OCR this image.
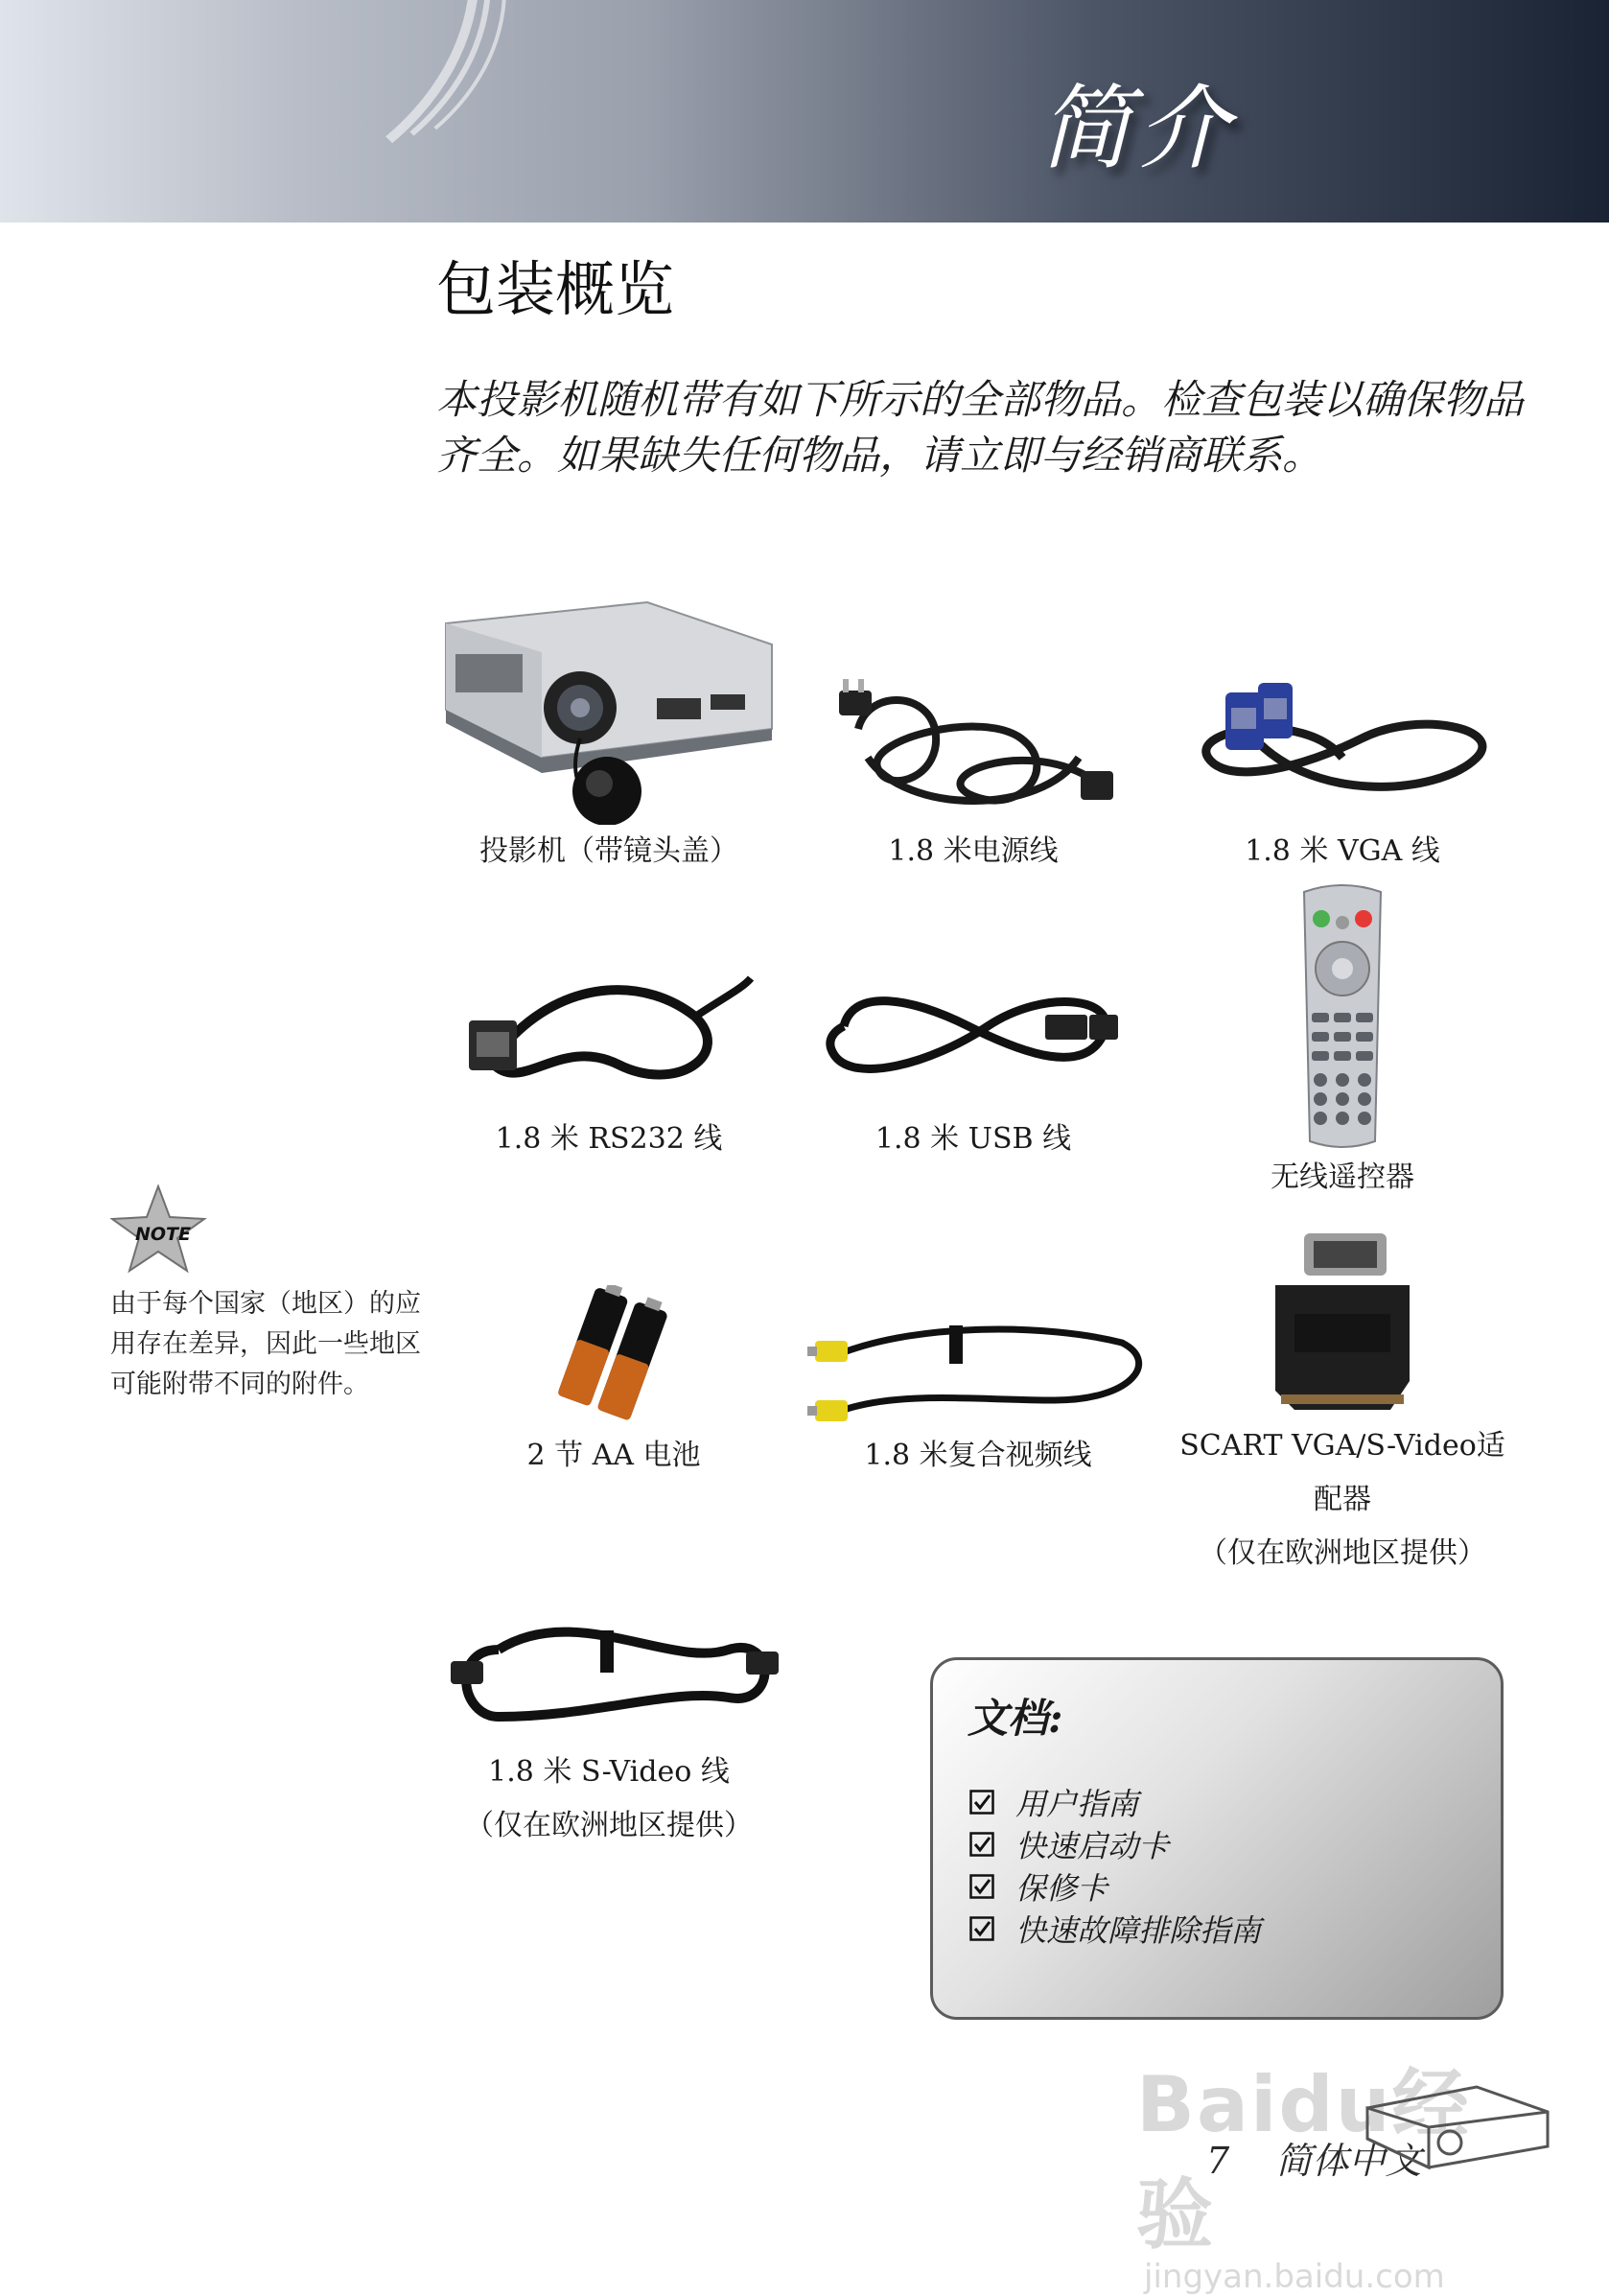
简介
包装概览
本投影机随机带有如下所示的全部物品。检查包装以确保物品齐全。如果缺失任何物品，请立即与经销商联系。
NOTE
由于每个国家（地区）的应用存在差异，因此一些地区可能附带不同的附件。
投影机（带镜头盖）	1.8 米电源线	1.8 米 VGA 线
1.8 米 RS232 线	1.8 米 USB 线
无线遥控器
2 节 AA 电池	1.8 米复合视频线	SCART VGA/S-Video适
配器
（仅在欧洲地区提供）
1.8 米 S-Video 线
（仅在欧洲地区提供）
文档:
用户指南
快速启动卡
保修卡
快速故障排除指南
Baidu经验
jingyan.baidu.com
7 简体中文
